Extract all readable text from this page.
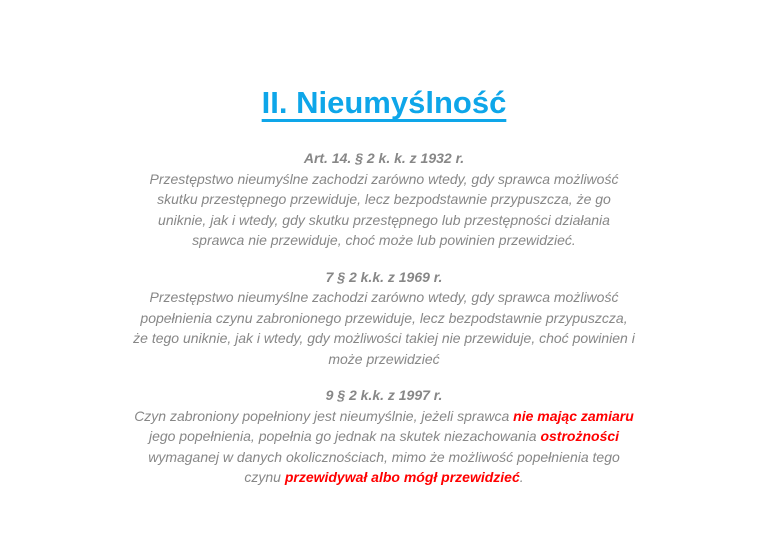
II. Nieumyślność
Art. 14. § 2 k. k. z 1932 r.

Przestępstwo nieumyślne zachodzi zarówno wtedy, gdy sprawca możliwość skutku przestępnego przewiduje, lecz bezpodstawnie przypuszcza, że go uniknie, jak i wtedy, gdy skutku przestępnego lub przestępności działania sprawca nie przewiduje, choć może lub powinien przewidzieć.

7 § 2 k.k. z 1969 r.

Przestępstwo nieumyślne zachodzi zarówno wtedy, gdy sprawca możliwość popełnienia czynu zabronionego przewiduje, lecz bezpodstawnie przypuszcza, że tego uniknie, jak i wtedy, gdy możliwości takiej nie przewiduje, choć powinien i może przewidzieć

9 § 2 k.k. z 1997 r.

Czyn zabroniony popełniony jest nieumyślnie, jeżeli sprawca nie mając zamiaru jego popełnienia, popełnia go jednak na skutek niezachowania ostrożności wymaganej w danych okolicznościach, mimo że możliwość popełnienia tego czynu przewidywał albo mógł przewidzieć.
